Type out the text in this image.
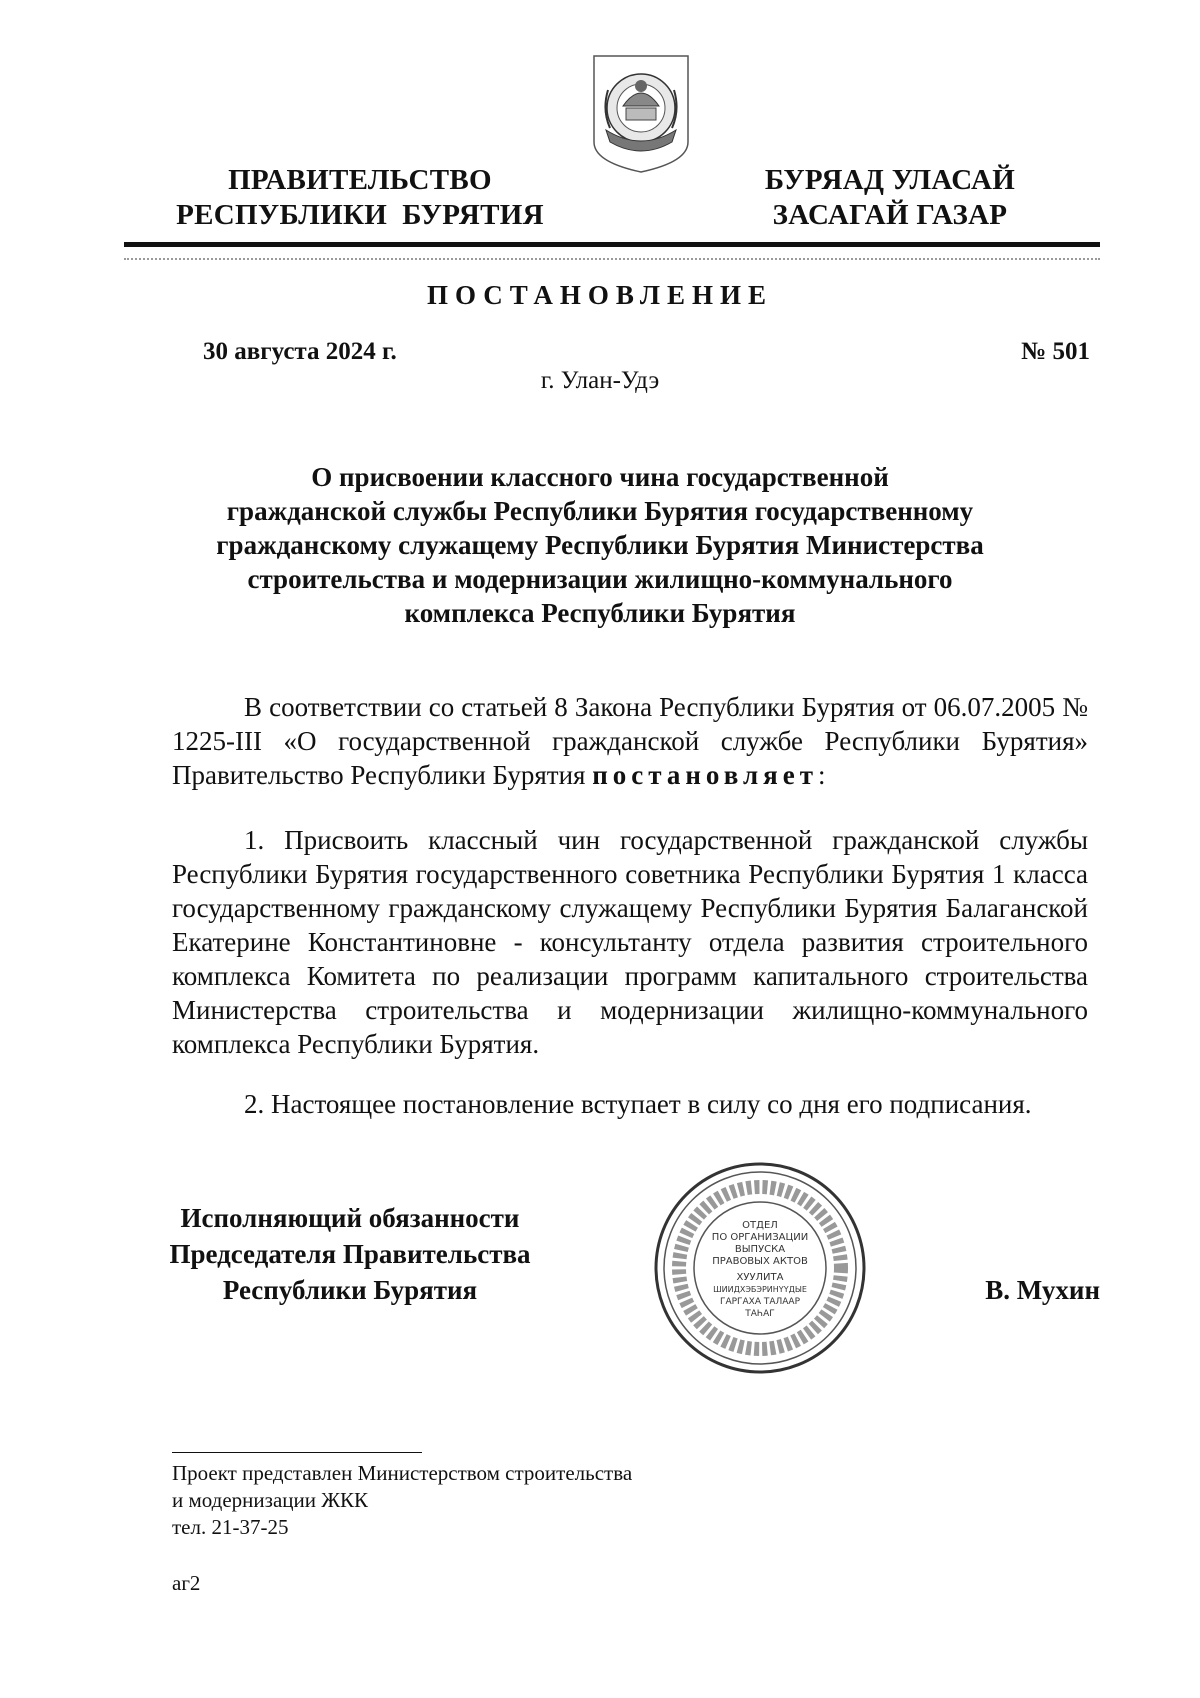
ПРАВИТЕЛЬСТВО
РЕСПУБЛИКИ  БУРЯТИЯ
БУРЯАД УЛАСАЙ
ЗАСАГАЙ ГАЗАР
ПОСТАНОВЛЕНИЕ
30 августа 2024 г.	№ 501
г. Улан-Удэ
О присвоении классного чина государственной
гражданской службы Республики Бурятия государственному
гражданскому служащему Республики Бурятия Министерства
строительства и модернизации жилищно-коммунального
комплекса Республики Бурятия

В соответствии со статьей 8 Закона Республики Бурятия от 06.07.2005 № 1225-III «О государственной гражданской службе Республики Бурятия» Правительство Республики Бурятия постановляет:

1. Присвоить классный чин государственной гражданской службы Республики Бурятия государственного советника Республики Бурятия 1 класса государственному гражданскому служащему Республики Бурятия Балаганской Екатерине Константиновне - консультанту отдела развития строительного комплекса Комитета по реализации программ капитального строительства Министерства строительства и модернизации жилищно-коммунального комплекса Республики Бурятия.

2. Настоящее постановление вступает в силу со дня его подписания.

Исполняющий обязанности
Председателя Правительства
Республики Бурятия
ОТДЕЛ
ПО ОРГАНИЗАЦИИ
ВЫПУСКА
ПРАВОВЫХ АКТОВ
ХУУЛИТА
ШИИДХЭБЭРИНҮҮДЫЕ
ГАРГАХА ТАЛААР
ТАҺАГ
В. Мухин
Проект представлен Министерством строительства
и модернизации ЖКК
тел. 21-37-25
аг2
